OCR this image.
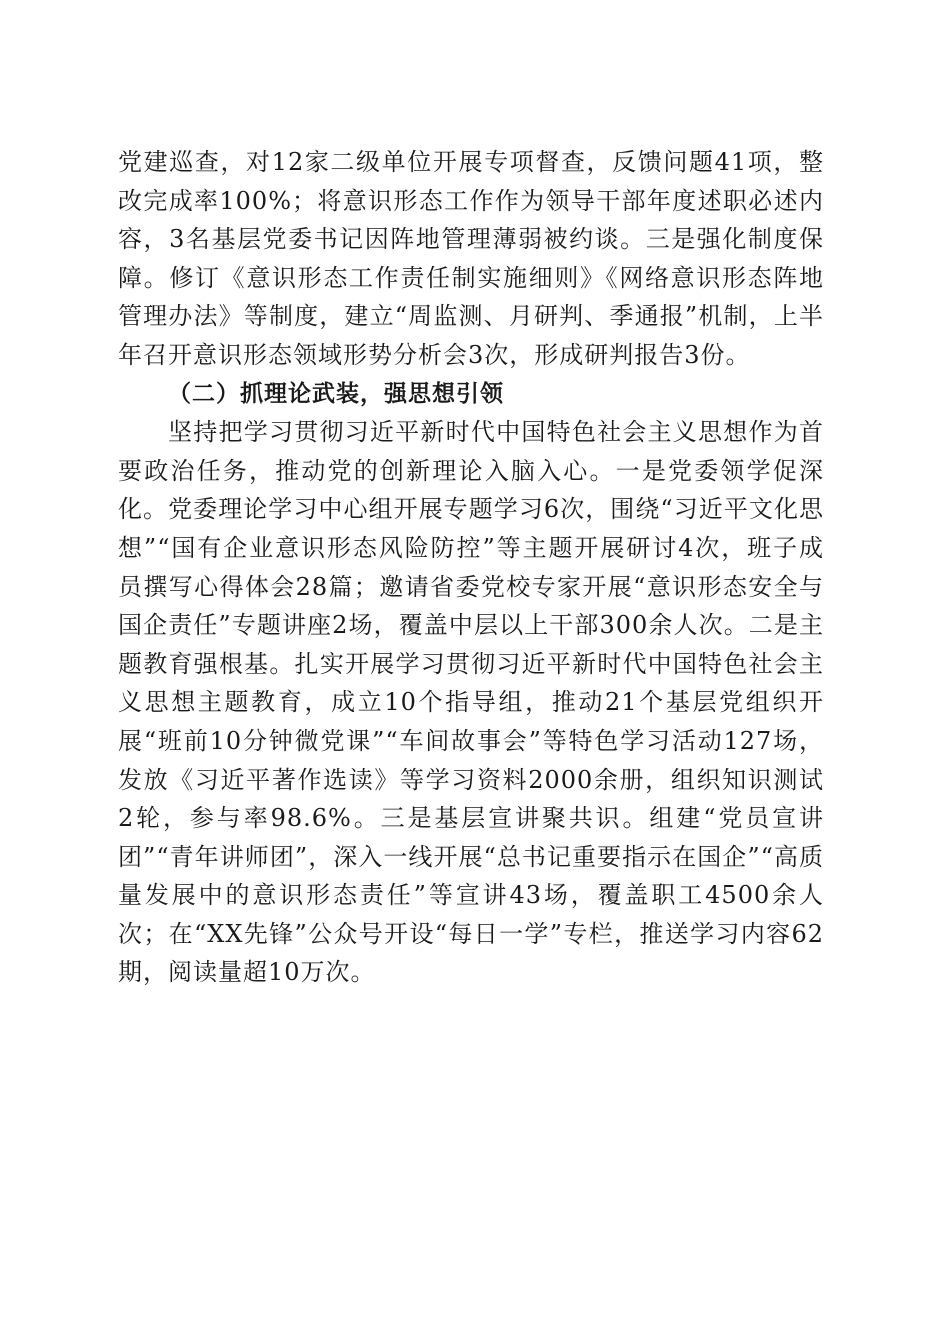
党建巡查，对12家二级单位开展专项督查，反馈问题41项，整改完成率100%；将意识形态工作作为领导干部年度述职必述内容，3名基层党委书记因阵地管理薄弱被约谈。三是强化制度保障。修订《意识形态工作责任制实施细则》《网络意识形态阵地管理办法》等制度，建立“周监测、月研判、季通报”机制，上半年召开意识形态领域形势分析会3次，形成研判报告3份。

（二）抓理论武装，强思想引领

坚持把学习贯彻习近平新时代中国特色社会主义思想作为首要政治任务，推动党的创新理论入脑入心。一是党委领学促深化。党委理论学习中心组开展专题学习6次，围绕“习近平文化思想”“国有企业意识形态风险防控”等主题开展研讨4次，班子成员撰写心得体会28篇；邀请省委党校专家开展“意识形态安全与国企责任”专题讲座2场，覆盖中层以上干部300余人次。二是主题教育强根基。扎实开展学习贯彻习近平新时代中国特色社会主义思想主题教育，成立10个指导组，推动21个基层党组织开展“班前10分钟微党课”“车间故事会”等特色学习活动127场，发放《习近平著作选读》等学习资料2000余册，组织知识测试2轮，参与率98.6%。三是基层宣讲聚共识。组建“党员宣讲团”“青年讲师团”，深入一线开展“总书记重要指示在国企”“高质量发展中的意识形态责任”等宣讲43场，覆盖职工4500余人次；在“XX先锋”公众号开设“每日一学”专栏，推送学习内容62期，阅读量超10万次。
